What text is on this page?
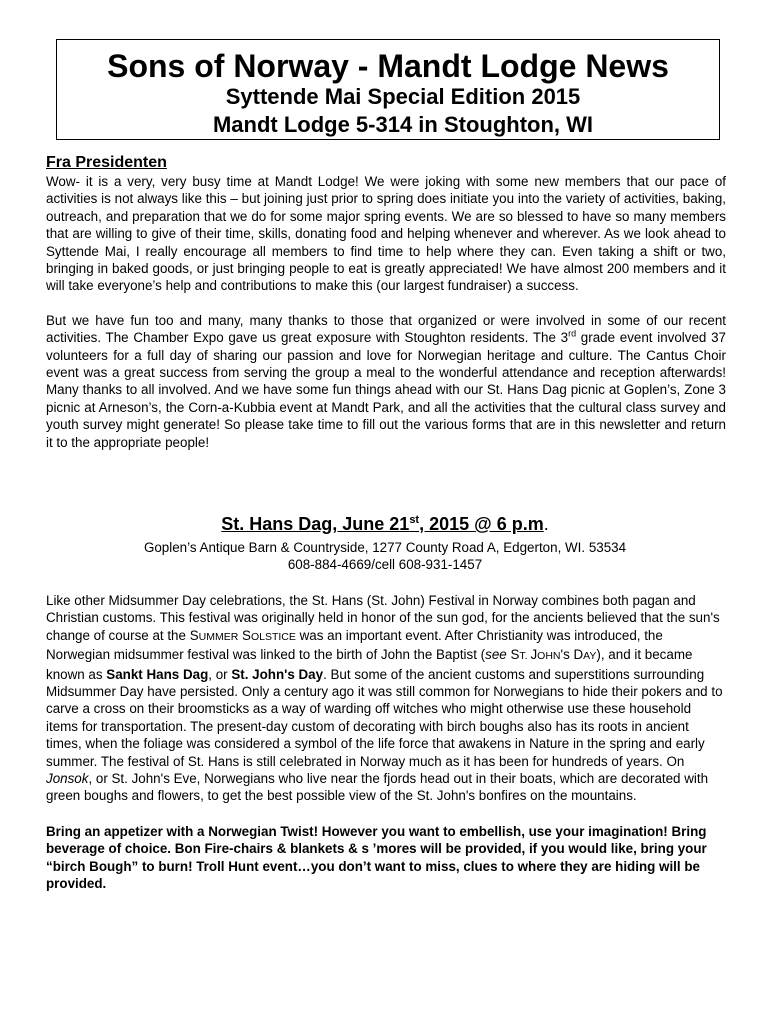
Sons of Norway - Mandt Lodge News
Syttende Mai Special Edition 2015
Mandt Lodge 5-314 in Stoughton, WI
Fra Presidenten

Wow- it is a very, very busy time at Mandt Lodge! We were joking with some new members that our pace of activities is not always like this – but joining just prior to spring does initiate you into the variety of activities, baking, outreach, and preparation that we do for some major spring events. We are so blessed to have so many members that are willing to give of their time, skills, donating food and helping whenever and wherever. As we look ahead to Syttende Mai, I really encourage all members to find time to help where they can. Even taking a shift or two, bringing in baked goods, or just bringing people to eat is greatly appreciated! We have almost 200 members and it will take everyone’s help and contributions to make this (our largest fundraiser) a success.

But we have fun too and many, many thanks to those that organized or were involved in some of our recent activities. The Chamber Expo gave us great exposure with Stoughton residents. The 3rd grade event involved 37 volunteers for a full day of sharing our passion and love for Norwegian heritage and culture. The Cantus Choir event was a great success from serving the group a meal to the wonderful attendance and reception afterwards! Many thanks to all involved. And we have some fun things ahead with our St. Hans Dag picnic at Goplen’s, Zone 3 picnic at Arneson’s, the Corn-a-Kubbia event at Mandt Park, and all the activities that the cultural class survey and youth survey might generate! So please take time to fill out the various forms that are in this newsletter and return it to the appropriate people!

St. Hans Dag, June 21st, 2015 @ 6 p.m.
Goplen’s Antique Barn & Countryside, 1277 County Road A, Edgerton, WI. 53534
608-884-4669/cell 608-931-1457

Like other Midsummer Day celebrations, the St. Hans (St. John) Festival in Norway combines both pagan and Christian customs. This festival was originally held in honor of the sun god, for the ancients believed that the sun's change of course at the SUMMER SOLSTICE was an important event. After Christianity was introduced, the Norwegian midsummer festival was linked to the birth of John the Baptist (see ST. JOHN's DAY), and it became known as Sankt Hans Dag, or St. John's Day. But some of the ancient customs and superstitions surrounding Midsummer Day have persisted. Only a century ago it was still common for Norwegians to hide their pokers and to carve a cross on their broomsticks as a way of warding off witches who might otherwise use these household items for transportation. The present-day custom of decorating with birch boughs also has its roots in ancient times, when the foliage was considered a symbol of the life force that awakens in Nature in the spring and early summer. The festival of St. Hans is still celebrated in Norway much as it has been for hundreds of years. On Jonsok, or St. John's Eve, Norwegians who live near the fjords head out in their boats, which are decorated with green boughs and flowers, to get the best possible view of the St. John's bonfires on the mountains.

Bring an appetizer with a Norwegian Twist! However you want to embellish, use your imagination! Bring beverage of choice. Bon Fire-chairs & blankets & s ’mores will be provided, if you would like, bring your “birch Bough” to burn! Troll Hunt event…you don’t want to miss, clues to where they are hiding will be provided.
